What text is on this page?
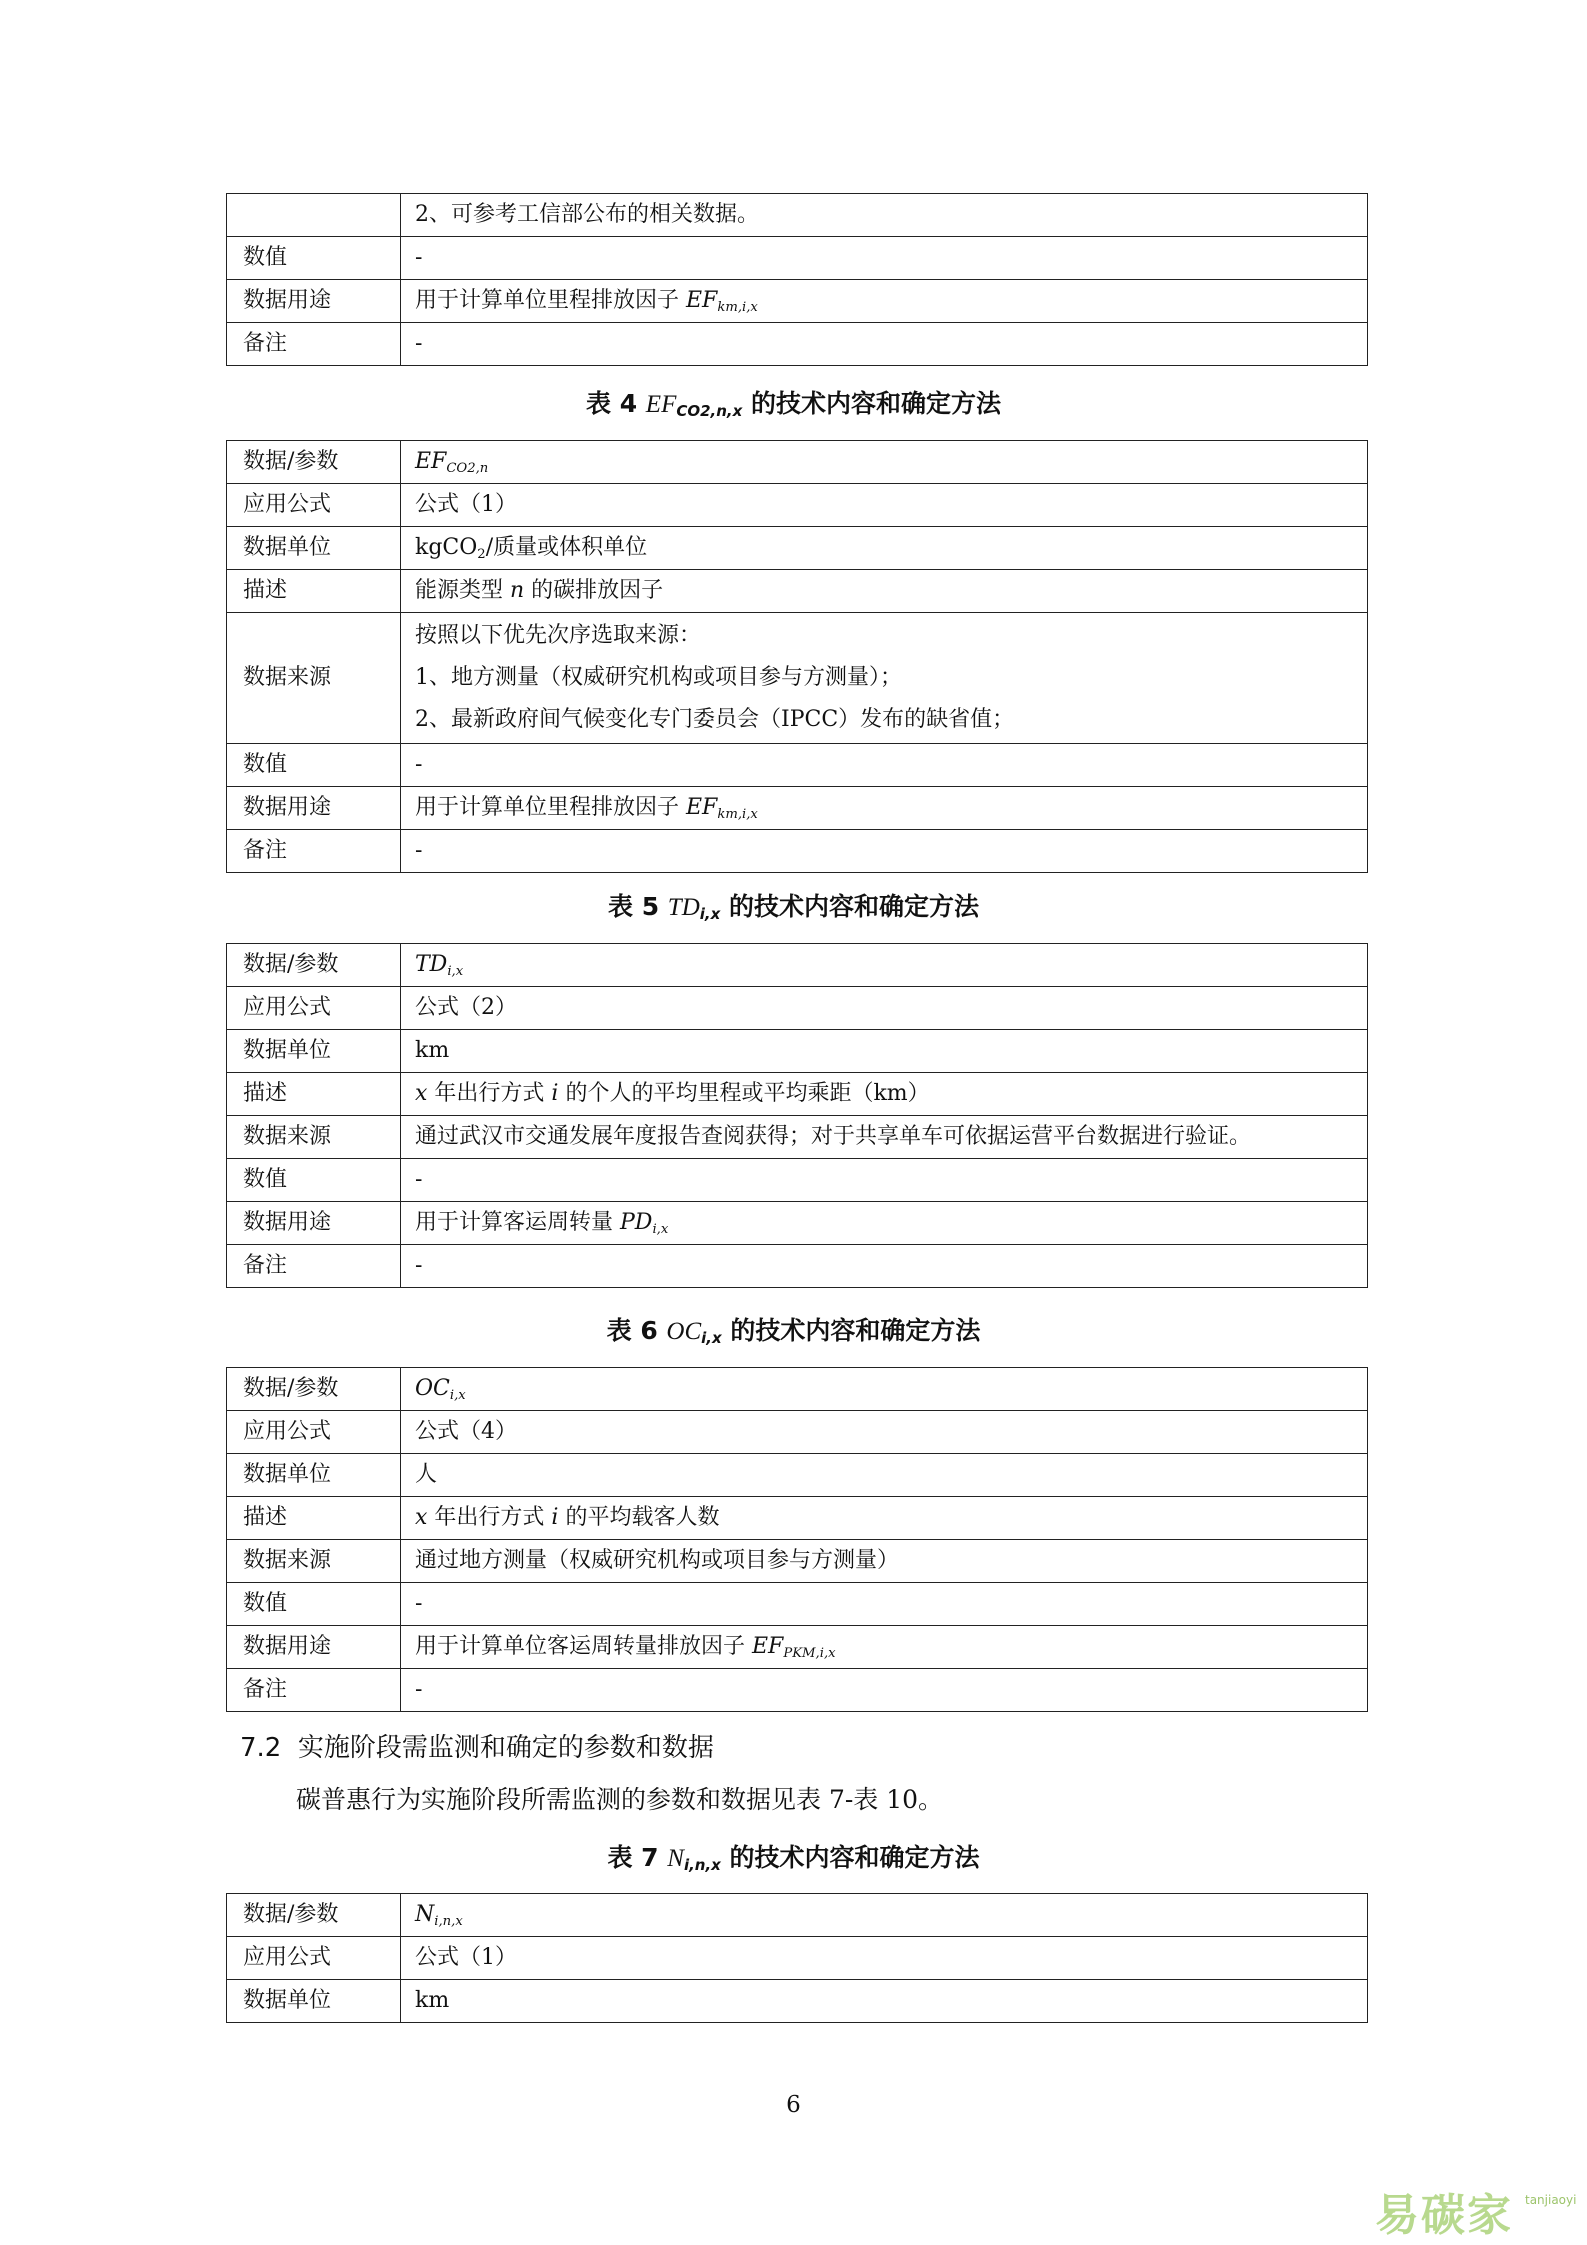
	2、可参考工信部公布的相关数据。
数值	-
数据用途	用于计算单位里程排放因子 $EF_{km,i,x}$
备注	-
表 4 $EF_{CO2,n,x}$ 的技术内容和确定方法
数据/参数	$EF_{CO2,n}$
应用公式	公式（1）
数据单位	kgCO$_2$/质量或体积单位
描述	能源类型 n 的碳排放因子
数据来源	按照以下优先次序选取来源：
1、地方测量（权威研究机构或项目参与方测量）；
2、最新政府间气候变化专门委员会（IPCC）发布的缺省值；

数值	-
数据用途	用于计算单位里程排放因子 $EF_{km,i,x}$
备注	-
表 5 $TD_{i,x}$ 的技术内容和确定方法
数据/参数	$TD_{i,x}$
应用公式	公式（2）
数据单位	km
描述	x 年出行方式 i 的个人的平均里程或平均乘距（km）
数据来源	通过武汉市交通发展年度报告查阅获得；对于共享单车可依据运营平台数据进行验证。
数值	-
数据用途	用于计算客运周转量 $PD_{i,x}$
备注	-
表 6 $OC_{i,x}$ 的技术内容和确定方法
数据/参数	$OC_{i,x}$
应用公式	公式（4）
数据单位	人
描述	x 年出行方式 i 的平均载客人数
数据来源	通过地方测量（权威研究机构或项目参与方测量）
数值	-
数据用途	用于计算单位客运周转量排放因子 $EF_{PKM,i,x}$
备注	-
7.2 实施阶段需监测和确定的参数和数据
碳普惠行为实施阶段所需监测的参数和数据见表 7-表 10。
表 7 $N_{i,n,x}$ 的技术内容和确定方法
数据/参数	$N_{i,n,x}$
应用公式	公式（1）
数据单位	km
6
易碳家 tanjiaoyi
